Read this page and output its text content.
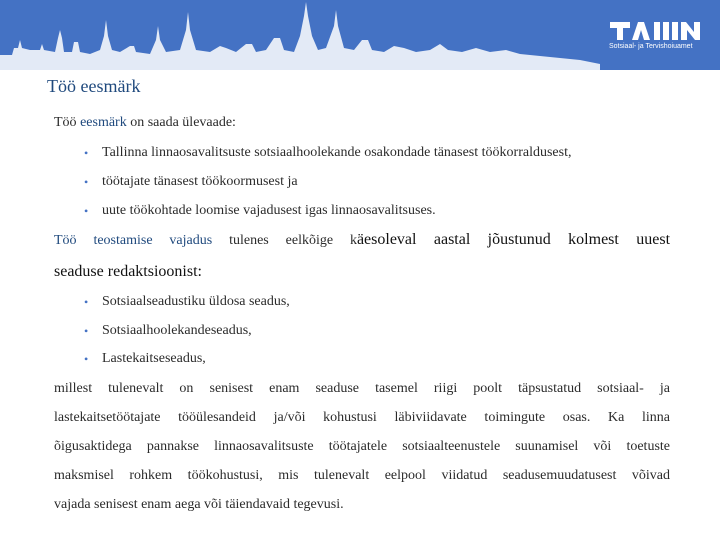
Sotsiaal- ja Tervishoiuamet
Töö eesmärk
Töö eesmärk on saada ülevaade:
• Tallinna linnaosavalitsuste sotsiaalhoolekande osakondade tänasest töökorraldusest,
• töötajate tänasest töökoormusest ja
• uute töökohtade loomise vajadusest igas linnaosavalitsuses.
Töö teostamise vajadus tulenes eelkõige käesoleval aastal jõustunud kolmest uuest
seaduse redaktsioonist:
• Sotsiaalseadustiku üldosa seadus,
• Sotsiaalhoolekandeseadus,
• Lastekaitseseadus,
millest tulenevalt on senisest enam seaduse tasemel riigi poolt täpsustatud sotsiaal- ja
lastekaitsetöötajate tööülesandeid ja/või kohustusi läbiviidavate toimingute osas. Ka linna
õigusaktidega pannakse linnaosavalitsuste töötajatele sotsiaalteenustele suunamisel või toetuste
maksmisel rohkem töökohustusi, mis tulenevalt eelpool viidatud seadusemuudatusest võivad
vajada senisest enam aega või täiendavaid tegevusi.
